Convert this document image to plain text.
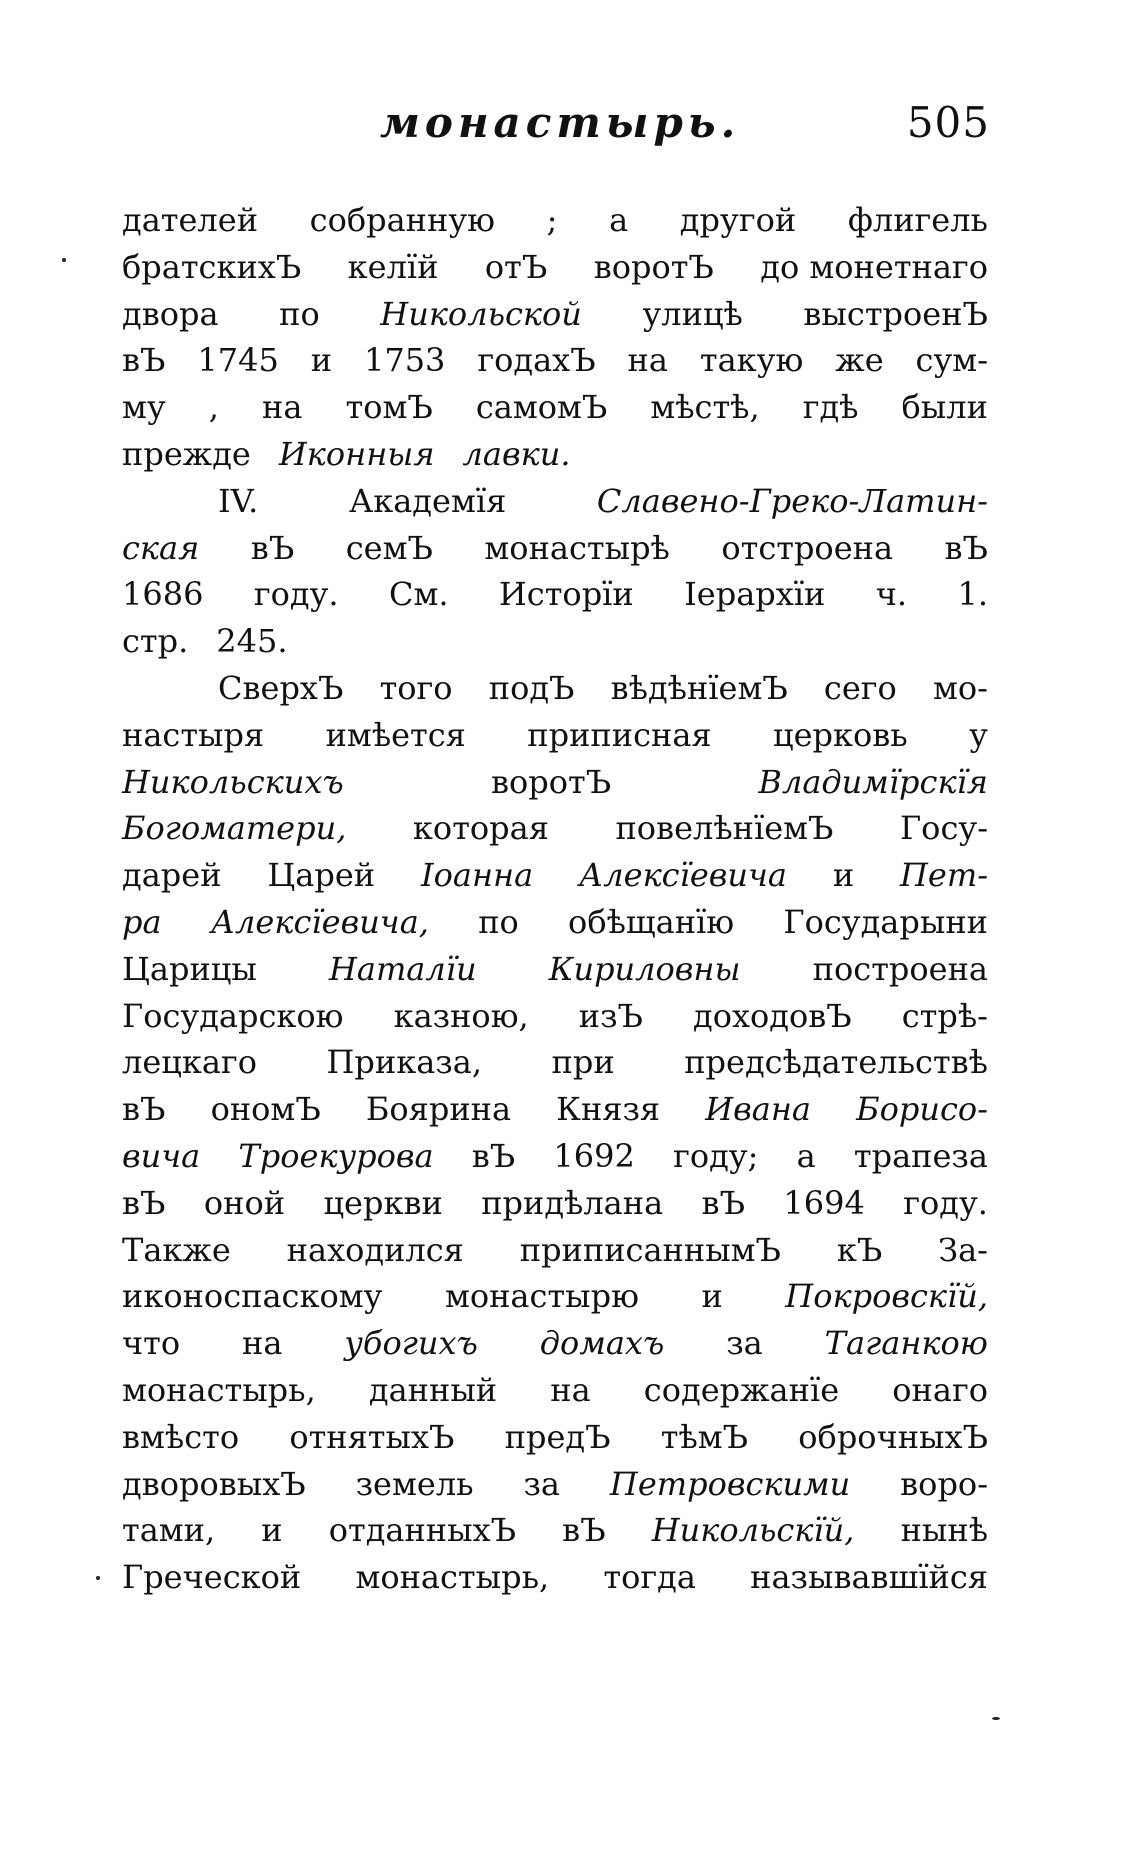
монастырь.	505
дателей собранную ; а другой флигель
братскихЪ келїй отЪ воротЪ до монетнаго
двора по Никольской улицѣ выстроенЪ
вЪ 1745 и 1753 годахЪ на такую же сум-
му , на томЪ самомЪ мѣстѣ, гдѣ были
прежде Иконныя лавки.
IV.	Академїя	Славено-Греко-Латин-
ская вЪ семЪ монастырѣ отстроена вЪ
1686 году. См. Исторїи Iерархїи ч. 1.
стр. 245.
СверхЪ того подЪ вѣдѣнїемЪ сего мо-
настыря имѣется приписная церковь у
Никольскихъ	воротЪ	Владимїрскїя
Богоматери, которая повелѣнїемЪ Госу-
дарей Царей Iоанна Алексїевича и Пет-
ра Алексїевича, по обѣщанїю Государыни
Царицы Наталїи Кириловны построена
Государскою казною, изЪ доходовЪ стрѣ-
лецкаго Приказа, при предсѣдательствѣ
вЪ ономЪ Боярина Князя Ивана Борисо-
вича Троекурова вЪ 1692 году; а трапеза
вЪ оной церкви придѣлана вЪ 1694 году.
Также находился приписаннымЪ кЪ За-
иконоспаскому монастырю и Покровскїй,
что на убогихъ домахъ за Таганкою
монастырь, данный на содержанїе онаго
вмѣсто отнятыхЪ предЪ тѣмЪ оброчныхЪ
дворовыхЪ земель за Петровскими воро-
тами, и отданныхЪ вЪ Никольскїй, нынѣ
Греческой монастырь, тогда называвшїйся
